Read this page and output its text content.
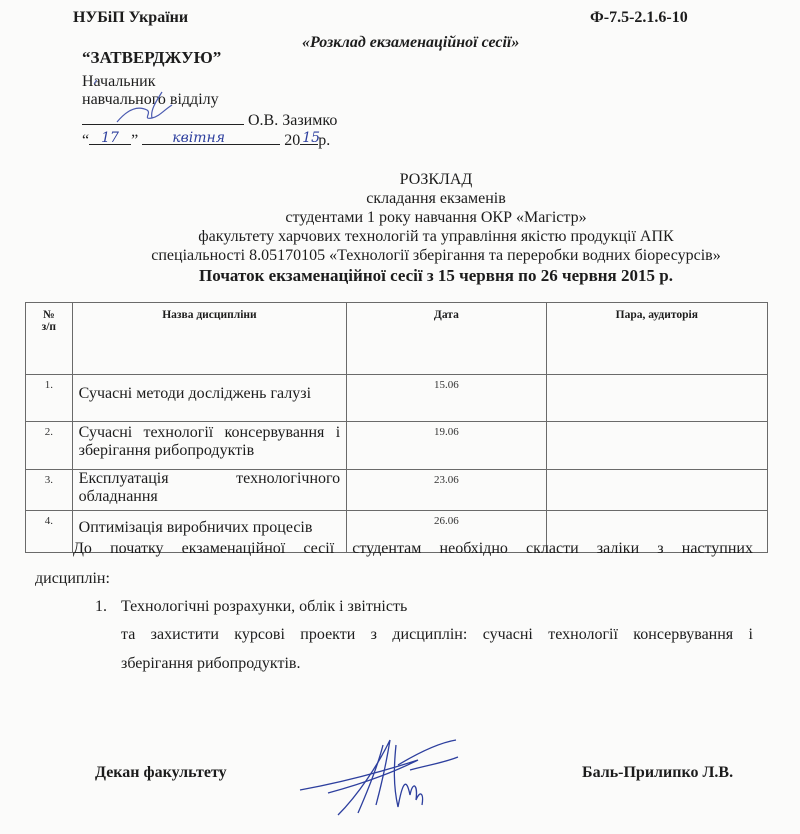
НУБіП України	Ф-7.5-2.1.6-10
«Розклад екзаменаційної сесії»
“ЗАТВЕРДЖУЮ”
Начальник
навчального відділу
О.В. Зазимко
“ 17 ” квітня	20 15
р.
РОЗКЛАД
складання екзаменів
студентами 1 року навчання ОКР «Магістр»
факультету харчових технологій та управління якістю продукції АПК
спеціальності 8.05170105 «Технології зберігання та переробки водних біоресурсів»
Початок екзаменаційної сесії з 15 червня по 26 червня 2015 р.
№
з/п	Назва дисципліни	Дата	Пара, аудиторія
1.	Сучасні методи досліджень галузі	15.06	
2.	Сучасні технології консервування і зберігання рибопродуктів	19.06	
3.	Експлуатація технологічного обладнання	23.06	
4.	Оптимізація виробничих процесів	26.06	
До початку екзаменаційної сесії студентам необхідно скласти заліки з наступних
дисциплін:
1. Технологічні розрахунки, облік і звітність
та захистити курсові проекти з дисциплін: сучасні технології консервування і
зберігання рибопродуктів.
Декан факультету	Баль-Прилипко Л.В.
